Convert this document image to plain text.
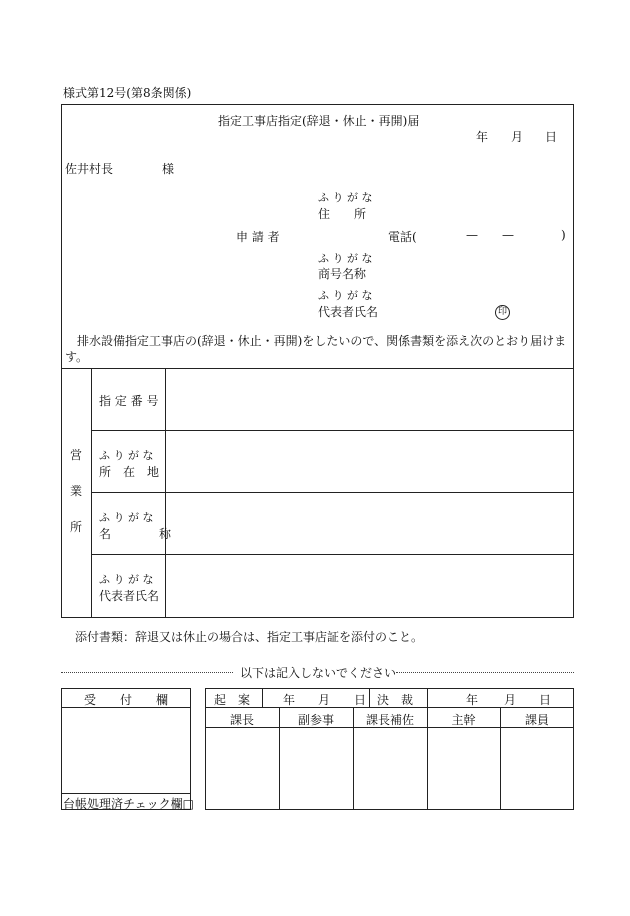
様式第12号(第8条関係)
指定工事店指定(辞退・休止・再開)届
年 月 日
佐井村長	様
ふ り が な
住　　所
申 請 者	電話(	— —	)
ふ り が な
商号名称
ふ り が な
代表者氏名	印
排水設備指定工事店の(辞退・休止・再開)をしたいので、関係書類を添え次のとおり届けます。
営
業
所
指 定 番 号
ふ り が な
所　在　地
ふ り が な
名　　　　称
ふ り が な
代表者氏名
添付書類：辞退又は休止の場合は、指定工事店証を添付のこと。
以下は記入しないでください
受　　付　　欄
台帳処理済チェック欄□
起　案	年 月 日 決　裁	年 月 日
課長	副参事	課長補佐	主幹	課員
